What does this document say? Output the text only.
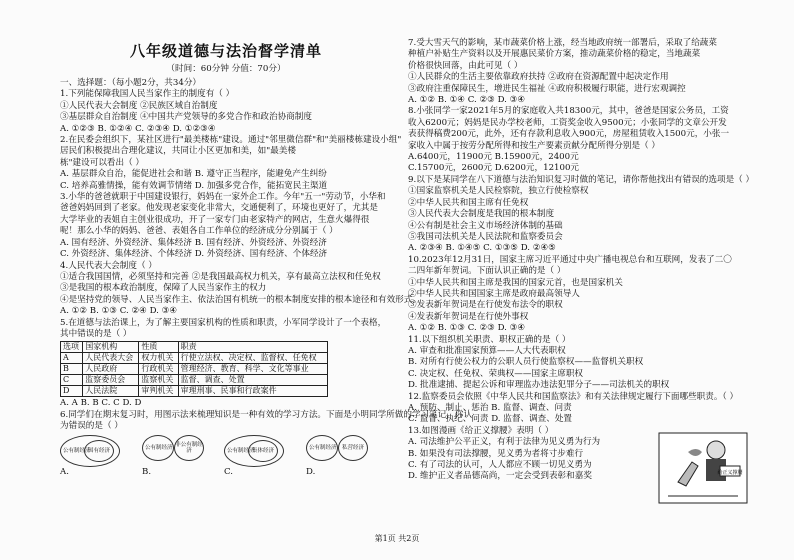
八年级道德与法治督学清单
（时间：60分钟 分值：70分）
一、选择题：（每小题2分，共34分）
1.下列能保障我国人民当家作主的制度有（ ）
①人民代表大会制度 ②民族区域自治制度
③基层群众自治制度 ④中国共产党领导的多党合作和政治协商制度
A. ①②③ B. ①②④ C. ②③④ D. ①②③④
2.在民委会组织下，某社区进行"最美楼栋"建设。通过"邻里微信群"和"美丽楼栋建设小组"
居民们积极提出合理化建议，共同让小区更加和美，如"最美楼
栋"建设可以看出（ ）
A. 基层群众自治，能促进社会和谐 B. 遵守正当程序，能避免产生纠纷
C. 培养高雅情操，能有效调节情绪 D. 加强多党合作，能拓宽民主渠道
3.小华的爸爸就职于中国建设银行，妈妈在一家外企工作。今年"五一"劳动节，小华和
爸爸妈妈回到了老家。他发现老家变化非常大，交通便利了，环境也更好了，尤其是
大学毕业的表姐自主创业很成功，开了一家专门由老家特产的网店，生意火爆得很
呢！那么小华的妈妈、爸爸、表姐各自工作单位的经济成分分别属于（ ）
A. 国有经济、外资经济、集体经济 B. 国有经济、外资经济、外资经济
C. 外资经济、集体经济、个体经济 D. 外资经济、国有经济、个体经济
4.人民代表大会制度（ ）
①适合我国国情，必须坚持和完善 ②是我国最高权力机关，享有最高立法权和任免权
③是我国的根本政治制度，保障了人民当家作主的权力
④是坚持党的领导、人民当家作主、依法治国有机统一的根本制度安排的根本途径和有效形式。
A. ①② B. ①③ C. ②④ D. ③④
5.在道德与法治课上，为了解主要国家机构的性质和职责，小军同学设计了一个表格，
其中错误的是（ ）
选项	国家机构	性质	职责
A	人民代表大会	权力机关	行使立法权、决定权、监督权、任免权
B	人民政府	行政机关	管理经济、教育、科学、文化等事业
C	监察委员会	监察机关	监督、调查、处置
D	人民法院	审判机关	审理刑事、民事和行政案件
A. A B. B C. C D. D
6.同学们在期末复习时，用图示法来梳理知识是一种有效的学习方法。下面是小明同学所做的学习笔记，你认
为错误的是（ ）
公有制经济
国有经济
A.
公有制经济 非公有制经济
B.
公有制经济
集体经济
C.
公有制经济 私营经济
D.
7.受大雪天气的影响，某市蔬菜价格上涨，经当地政府统一部署后，采取了给蔬菜
种植户补贴生产资料以及开展惠民菜价方案，推动蔬菜价格的稳定，当地蔬菜
价格很快回落，由此可见（ ）
①人民群众的生活主要依靠政府扶持 ②政府在资源配置中起决定作用
③政府注重保障民生，增进民生福祉 ④政府积极履行职能，进行宏观调控
A. ①② B. ①④ C. ②③ D. ③④
8.小张同学一家2021年5月的家庭收入共18300元，其中，爸爸是国家公务员，工资
收入6200元；妈妈是民办学校老师，工资奖金收入9500元；小张同学的文章公开发
表获得稿费200元，此外，还有存款利息收入900元，房屋租赁收入1500元，小张一
家收入中属于按劳分配所得和按生产要素贡献分配所得分别是（ ）
A.6400元，11900元 B.15900元，2400元
C.15700元，2600元 D.6200元，12100元
9.以下是某同学在八下道德与法治知识复习时做的笔记，请你帮他找出有错误的选项是（ ）
①国家监察机关是人民检察院，独立行使检察权
②中华人民共和国主席有任免权
③人民代表大会制度是我国的根本制度
④公有制是社会主义市场经济体制的基础
⑤我国司法机关是人民法院和监察委员会
A. ②③④ B. ①④⑤ C. ①③⑤ D. ②④⑤
10.2023年12月31日，国家主席习近平通过中央广播电视总台和互联网，发表了二〇
二四年新年贺词。下面认识正确的是（ ）
①中华人民共和国主席是我国的国家元首，也是国家机关
②中华人民共和国国家主席是政府最高领导人
③发表新年贺词是在行使发布法令的职权
④发表新年贺词是在行使外事权
A. ①② B. ①③ C. ②③ D. ③④
11.以下组织机关职责、职权正确的是（ ）
A. 审查和批准国家预算——人大代表职权
B. 对所有行使公权力的公职人员行使监察权——监督机关职权
C. 决定权、任免权、荣典权——国家主席职权
D. 批准逮捕、提起公诉和审理监办违法犯罪分子——司法机关的职权
12.监察委员会依照《中华人民共和国监察法》和有关法律规定履行下面哪些职责。（ ）
A. 预防、制止、惩治 B. 监督、调查、问责
C. 监督、执纪、问责 D. 监督、调查、处置
13.如图漫画《给正义撑腰》表明（ ）
A. 司法维护公平正义，有利于法律为见义勇为行为
B. 如果没有司法撑腰，见义勇为者将寸步难行
C. 有了司法的认可，人人都应不顾一切见义勇为
D. 维护正义者品德高尚，一定会受到表彰和嘉奖	给正义撑腰
第1页 共2页
